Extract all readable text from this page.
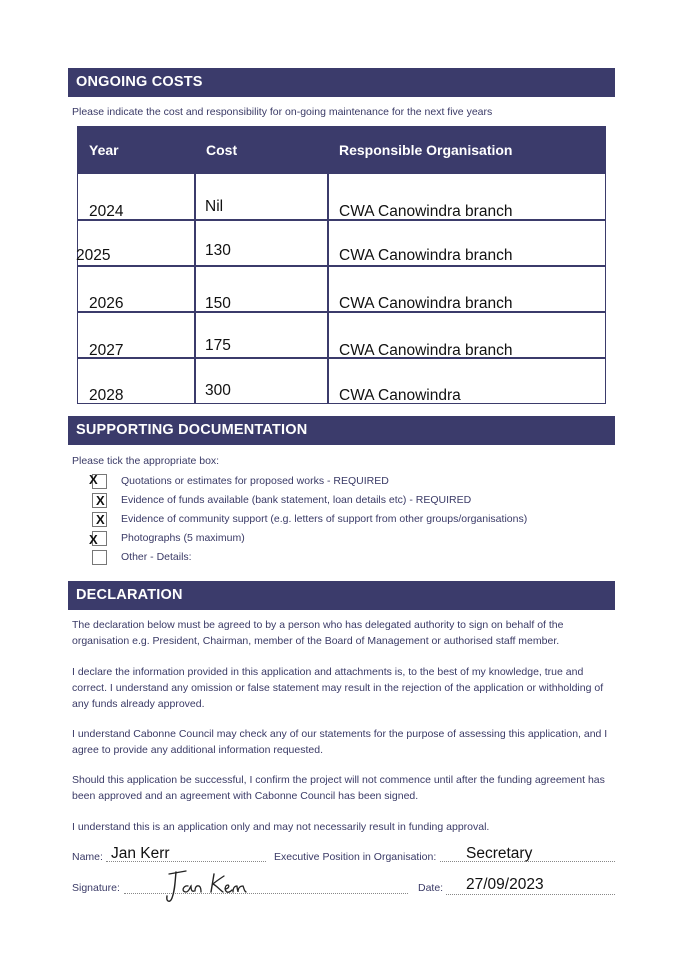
ONGOING COSTS
Please indicate the cost and responsibility for on-going maintenance for the next five years
Year	Cost	Responsible Organisation
2024	Nil	CWA Canowindra branch
2025	130	CWA Canowindra branch
2026	150	CWA Canowindra branch
2027	175	CWA Canowindra branch
2028	300	CWA Canowindra
SUPPORTING DOCUMENTATION
Please tick the appropriate box:
X Quotations or estimates for proposed works - REQUIRED
X Evidence of funds available (bank statement, loan details etc) - REQUIRED
X Evidence of community support (e.g. letters of support from other groups/organisations)
X Photographs (5 maximum)
Other - Details:
DECLARATION
The declaration below must be agreed to by a person who has delegated authority to sign on behalf of the organisation e.g. President, Chairman, member of the Board of Management or authorised staff member.
I declare the information provided in this application and attachments is, to the best of my knowledge, true and correct. I understand any omission or false statement may result in the rejection of the application or withholding of any funds already approved.
I understand Cabonne Council may check any of our statements for the purpose of assessing this application, and I agree to provide any additional information requested.
Should this application be successful, I confirm the project will not commence until after the funding agreement has been approved and an agreement with Cabonne Council has been signed.
I understand this is an application only and may not necessarily result in funding approval.
Name: Jan Kerr	Executive Position in Organisation: Secretary
Signature:	Date: 27/09/2023
